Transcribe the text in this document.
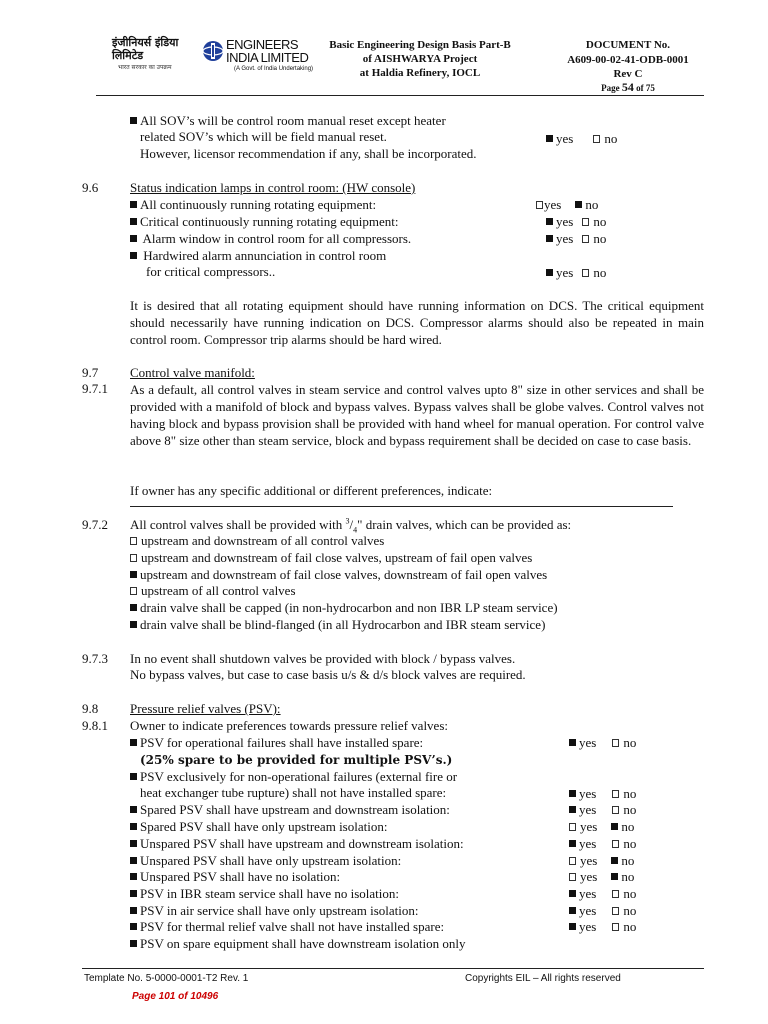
इंजीनियर्स इंडिया लिमिटेड
भारत सरकार का उपक्रम
ENGINEERS
INDIA LIMITED
(A Govt. of India Undertaking)
Basic Engineering Design Basis Part-B
of AISHWARYA Project
at Haldia Refinery, IOCL
DOCUMENT No.
A609-00-02-41-ODB-0001
Rev C
Page 54 of 75
All SOV’s will be control room manual reset except heater
related SOV’s which will be field manual reset.
However, licensor recommendation if any, shall be incorporated.
yes no
9.6 Status indication lamps in control room: (HW console)
All continuously running rotating equipment:	yes no
Critical continuously running rotating equipment:	yes no
Alarm window in control room for all compressors.	yes no
Hardwired alarm annunciation in control room
for critical compressors..	yes no
It is desired that all rotating equipment should have running information on DCS. The critical equipment should necessarily have running indication on DCS. Compressor alarms should also be repeated in main control room. Compressor trip alarms should be hard wired.
9.7 Control valve manifold:
9.7.1 As a default, all control valves in steam service and control valves upto 8" size in other services and shall be provided with a manifold of block and bypass valves. Bypass valves shall be globe valves. Control valves not having block and bypass provision shall be provided with hand wheel for manual operation. For control valve above 8" size other than steam service, block and bypass requirement shall be decided on case to case basis.
If owner has any specific additional or different preferences, indicate:
9.7.2 All control valves shall be provided with $^3/_4$" drain valves, which can be provided as:
upstream and downstream of all control valves
upstream and downstream of fail close valves, upstream of fail open valves
upstream and downstream of fail close valves, downstream of fail open valves
upstream of all control valves
drain valve shall be capped (in non-hydrocarbon and non IBR LP steam service)
drain valve shall be blind-flanged (in all Hydrocarbon and IBR steam service)
9.7.3 In no event shall shutdown valves be provided with block / bypass valves.
No bypass valves, but case to case basis u/s & d/s block valves are required.
9.8 Pressure relief valves (PSV):
9.8.1 Owner to indicate preferences towards pressure relief valves:
PSV for operational failures shall have installed spare:	yes no
(25% spare to be provided for multiple PSV’s.)
PSV exclusively for non-operational failures (external fire or
heat exchanger tube rupture) shall not have installed spare:	yes no
Spared PSV shall have upstream and downstream isolation:	yes no
Spared PSV shall have only upstream isolation:	yes no
Unspared PSV shall have upstream and downstream isolation:	yes no
Unspared PSV shall have only upstream isolation:	yes no
Unspared PSV shall have no isolation:	yes no
PSV in IBR steam service shall have no isolation:	yes no
PSV in air service shall have only upstream isolation:	yes no
PSV for thermal relief valve shall not have installed spare:	yes no
PSV on spare equipment shall have downstream isolation only
Template No. 5-0000-0001-T2 Rev. 1	Copyrights EIL – All rights reserved
Page 101 of 10496
